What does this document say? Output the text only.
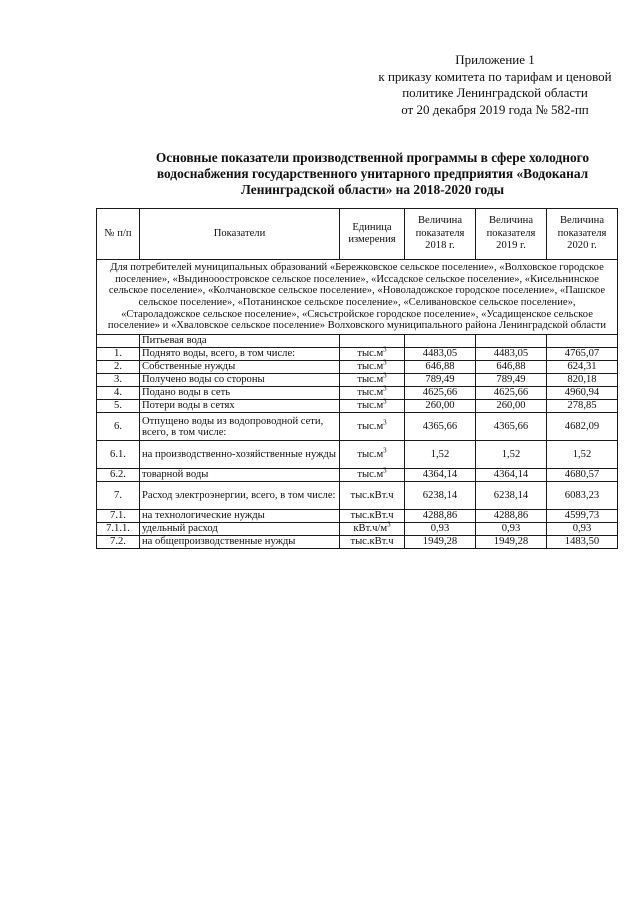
Приложение 1
к приказу комитета по тарифам и ценовой
политике Ленинградской области
от 20 декабря 2019 года № 582-пп
Основные показатели производственной программы в сфере холодного
водоснабжения государственного унитарного предприятия «Водоканал
Ленинградской области» на 2018-2020 годы
№ п/п	Показатели	Единица измерения	Величина показателя 2018 г.	Величина показателя 2019 г.	Величина показателя 2020 г.
Для потребителей муниципальных образований «Бережковское сельское поселение», «Волховское городское поселение», «Выдинооостровское сельское поселение», «Иссадское сельское поселение», «Кисельнинское сельское поселение», «Колчановское сельское поселение», «Новоладожское городское поселение», «Пашское сельское поселение», «Потанинское сельское поселение», «Селивановское сельское поселение», «Староладожское сельское поселение», «Сясьстройское городское поселение», «Усадищенское сельское поселение» и «Хваловское сельское поселение» Волховского муниципального района Ленинградской области					
	Питьевая вода				
1.	Поднято воды, всего, в том числе:	$тыс.м^3$	4483,05	4483,05	4765,07
2.	Собственные нужды	$тыс.м^3$	646,88	646,88	624,31
3.	Получено воды со стороны	$тыс.м^3$	789,49	789,49	820,18
4.	Подано воды в сеть	$тыс.м^3$	4625,66	4625,66	4960,94
5.	Потери воды в сетях	$тыс.м^3$	260,00	260,00	278,85
6.	Отпущено воды из водопроводной сети, всего, в том числе:	$тыс.м^3$	4365,66	4365,66	4682,09
6.1.	на производственно-хозяйственные нужды	$тыс.м^3$	1,52	1,52	1,52
6.2.	товарной воды	$тыс.м^3$	4364,14	4364,14	4680,57
7.	Расход электроэнергии, всего, в том числе:	тыс.кВт.ч	6238,14	6238,14	6083,23
7.1.	на технологические нужды	тыс.кВт.ч	4288,86	4288,86	4599,73
7.1.1.	удельный расход	$кВт.ч/м^3$	0,93	0,93	0,93
7.2.	на общепроизводственные нужды	тыс.кВт.ч	1949,28	1949,28	1483,50
